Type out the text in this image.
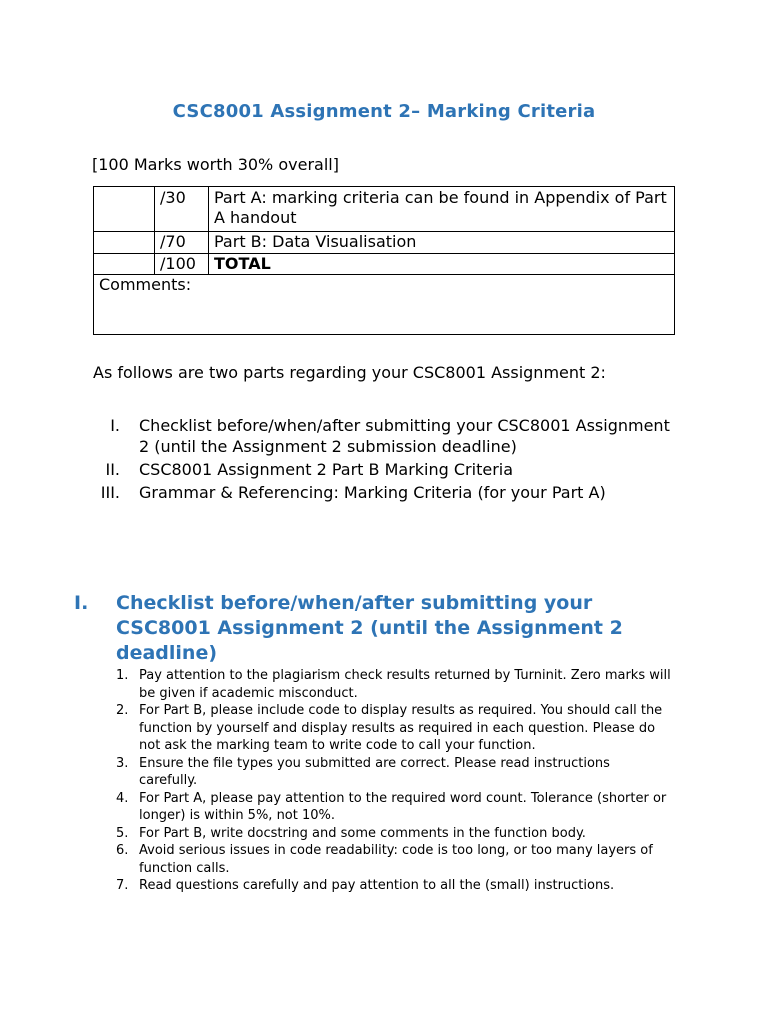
CSC8001 Assignment 2– Marking Criteria
[100 Marks worth 30% overall]
	/30	Part A: marking criteria can be found in Appendix of Part A handout
	/70	Part B: Data Visualisation
	/100	TOTAL
Comments:		
As follows are two parts regarding your CSC8001 Assignment 2:
I. Checklist before/when/after submitting your CSC8001 Assignment 2 (until the Assignment 2 submission deadline)
II. CSC8001 Assignment 2 Part B Marking Criteria
III. Grammar & Referencing: Marking Criteria (for your Part A)
I. Checklist before/when/after submitting your CSC8001 Assignment 2 (until the Assignment 2 deadline)
1. Pay attention to the plagiarism check results returned by Turninit. Zero marks will be given if academic misconduct.
2. For Part B, please include code to display results as required. You should call the function by yourself and display results as required in each question. Please do not ask the marking team to write code to call your function.
3. Ensure the file types you submitted are correct. Please read instructions carefully.
4. For Part A, please pay attention to the required word count. Tolerance (shorter or longer) is within 5%, not 10%.
5. For Part B, write docstring and some comments in the function body.
6. Avoid serious issues in code readability: code is too long, or too many layers of function calls.
7. Read questions carefully and pay attention to all the (small) instructions.
